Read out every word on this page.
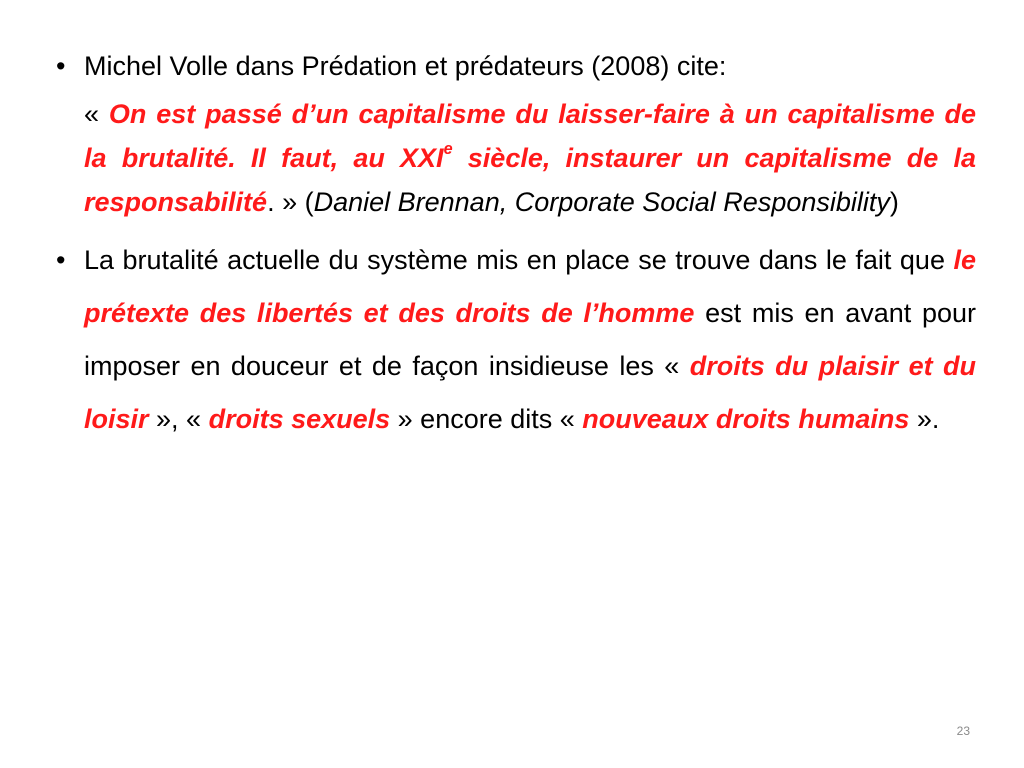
• Michel Volle dans Prédation et prédateurs (2008) cite:
« On est passé d’un capitalisme du laisser-faire à un capitalisme de la brutalité. Il faut, au XXIe siècle, instaurer un capitalisme de la responsabilité. » (Daniel Brennan, Corporate Social Responsibility)
• La brutalité actuelle du système mis en place se trouve dans le fait que le prétexte des libertés et des droits de l’homme est mis en avant pour imposer en douceur et de façon insidieuse les « droits du plaisir et du loisir », « droits sexuels » encore dits « nouveaux droits humains ».
23
